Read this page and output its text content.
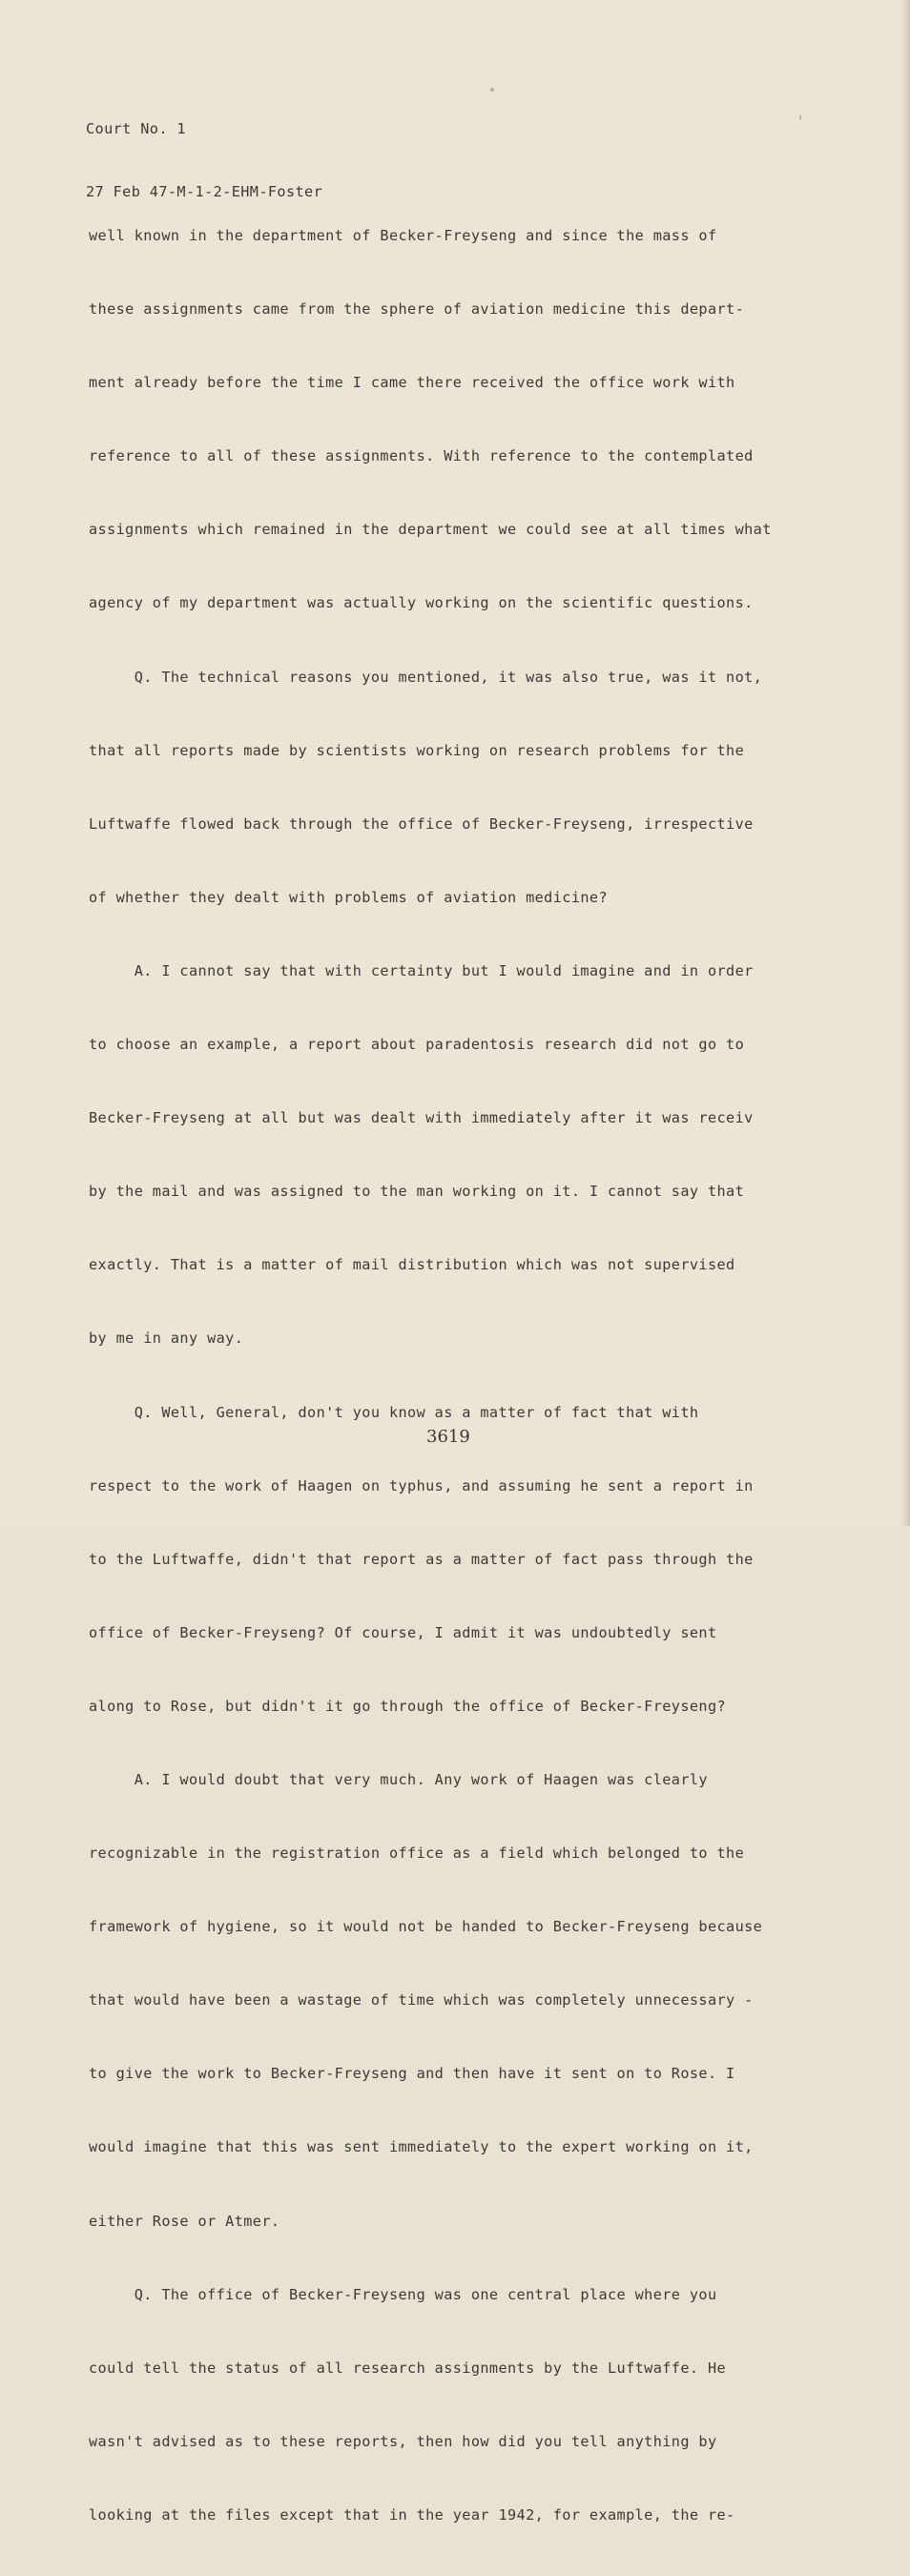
Court No. 1

27 Feb 47-M-1-2-EHM-Foster

well known in the department of Becker-Freyseng and since the mass of

these assignments came from the sphere of aviation medicine this depart-

ment already before the time I came there received the office work with

reference to all of these assignments. With reference to the contemplated

assignments which remained in the department we could see at all times what

agency of my department was actually working on the scientific questions.

Q. The technical reasons you mentioned, it was also true, was it not,

that all reports made by scientists working on research problems for the

Luftwaffe flowed back through the office of Becker-Freyseng, irrespective

of whether they dealt with problems of aviation medicine?

A. I cannot say that with certainty but I would imagine and in order

to choose an example, a report about paradentosis research did not go to

Becker-Freyseng at all but was dealt with immediately after it was receiv

by the mail and was assigned to the man working on it. I cannot say that

exactly. That is a matter of mail distribution which was not supervised

by me in any way.

Q. Well, General, don't you know as a matter of fact that with

respect to the work of Haagen on typhus, and assuming he sent a report in

to the Luftwaffe, didn't that report as a matter of fact pass through the

office of Becker-Freyseng? Of course, I admit it was undoubtedly sent

along to Rose, but didn't it go through the office of Becker-Freyseng?

A. I would doubt that very much. Any work of Haagen was clearly

recognizable in the registration office as a field which belonged to the

framework of hygiene, so it would not be handed to Becker-Freyseng because

that would have been a wastage of time which was completely unnecessary -

to give the work to Becker-Freyseng and then have it sent on to Rose. I

would imagine that this was sent immediately to the expert working on it,

either Rose or Atmer.

Q. The office of Becker-Freyseng was one central place where you

could tell the status of all research assignments by the Luftwaffe. He

wasn't advised as to these reports, then how did you tell anything by

looking at the files except that in the year 1942, for example, the re-

3619
